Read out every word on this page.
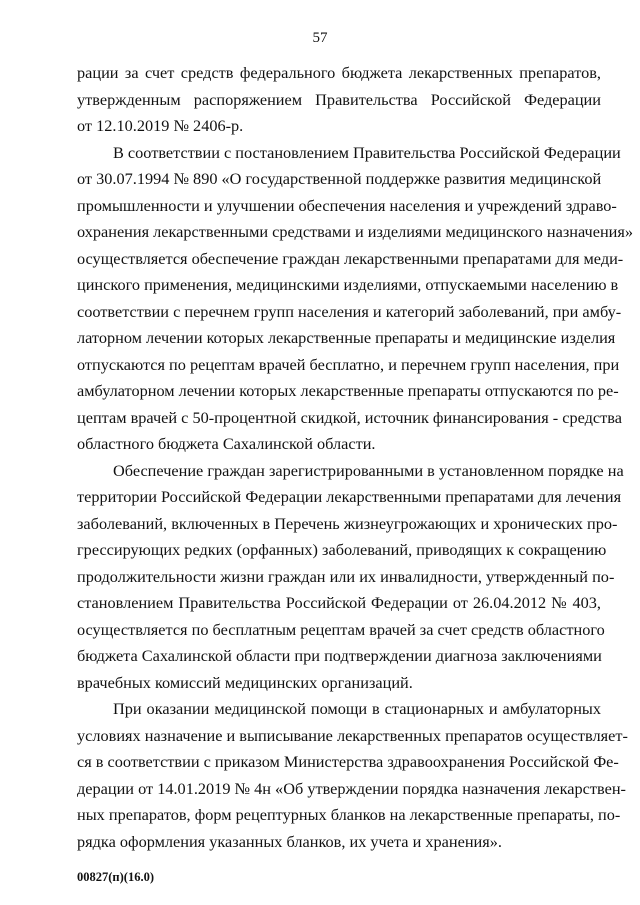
57
рации за счет средств федерального бюджета лекарственных препаратов,
утвержденным распоряжением Правительства Российской Федерации
от 12.10.2019 № 2406-р.
В соответствии с постановлением Правительства Российской Федерации
от 30.07.1994 № 890 «О государственной поддержке развития медицинской
промышленности и улучшении обеспечения населения и учреждений здраво-
охранения лекарственными средствами и изделиями медицинского назначения»
осуществляется обеспечение граждан лекарственными препаратами для меди-
цинского применения, медицинскими изделиями, отпускаемыми населению в
соответствии с перечнем групп населения и категорий заболеваний, при амбу-
латорном лечении которых лекарственные препараты и медицинские изделия
отпускаются по рецептам врачей бесплатно, и перечнем групп населения, при
амбулаторном лечении которых лекарственные препараты отпускаются по ре-
цептам врачей с 50-процентной скидкой, источник финансирования - средства
областного бюджета Сахалинской области.
Обеспечение граждан зарегистрированными в установленном порядке на
территории Российской Федерации лекарственными препаратами для лечения
заболеваний, включенных в Перечень жизнеугрожающих и хронических про-
грессирующих редких (орфанных) заболеваний, приводящих к сокращению
продолжительности жизни граждан или их инвалидности, утвержденный по-
становлением Правительства Российской Федерации от 26.04.2012 № 403,
осуществляется по бесплатным рецептам врачей за счет средств областного
бюджета Сахалинской области при подтверждении диагноза заключениями
врачебных комиссий медицинских организаций.
При оказании медицинской помощи в стационарных и амбулаторных
условиях назначение и выписывание лекарственных препаратов осуществляет-
ся в соответствии с приказом Министерства здравоохранения Российской Фе-
дерации от 14.01.2019 № 4н «Об утверждении порядка назначения лекарствен-
ных препаратов, форм рецептурных бланков на лекарственные препараты, по-
рядка оформления указанных бланков, их учета и хранения».
00827(п)(16.0)
